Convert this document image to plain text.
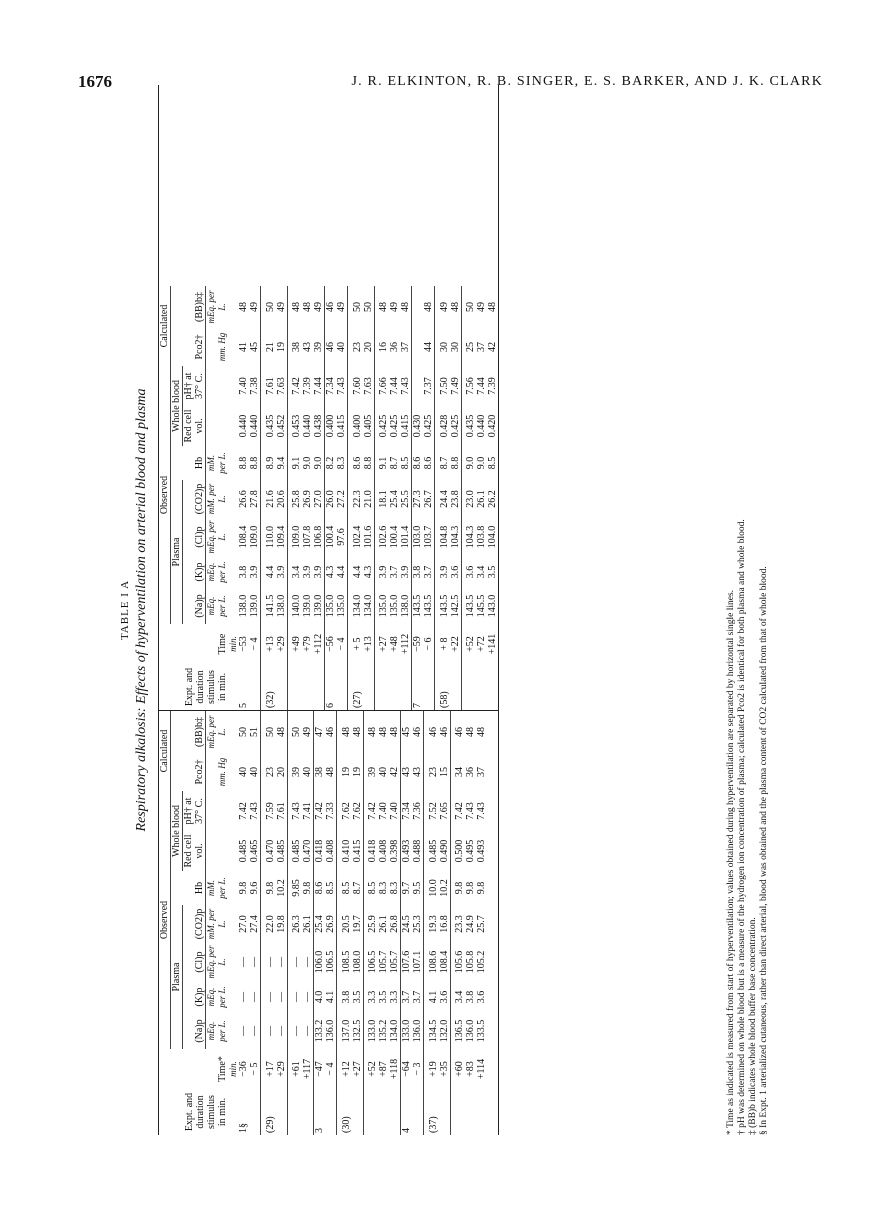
1676	J. R. ELKINTON, R. B. SINGER, E. S. BARKER, AND J. K. CLARK

TABLE I A Respiratory alkalosis: Effects of hyperventilation on arterial blood and plasma

Expt. and duration stimulus in min.	Time*	Observed							Calculated	
		Plasma					Whole blood			
		(Na)p	(K)p	(Cl)p	(CO2)p	Hb	Red cell vol.	pH† at 37° C.	Pco2†	(BB)b‡
		mEq. per L.	mEq. per L.	mEq. per L.	mM. per L.	mM. per L.			mm. Hg	mEq. per L.
	min.									
1§	−36	—	—	—	27.0	9.8	0.485	7.42	40	50
	− 5	—	—	—	27.4	9.6	0.465	7.43	40	51

(29)	+17	—	—	—	22.0	9.8	0.470	7.59	23	50
	+29	—	—	—	19.8	10.2	0.485	7.61	20	48

	+61	—	—	—	26.3	9.85	0.485	7.43	39	50
	+117	—	—	—	26.1	9.8	0.470	7.41	40	49
3	−47	133.2	4.0	106.0	25.4	8.6	0.418	7.42	38	47
	− 4	136.0	4.1	106.5	26.9	8.5	0.408	7.33	48	46

(30)	+12	137.0	3.8	108.5	20.5	8.5	0.410	7.62	19	48
	+27	132.5	3.5	108.0	19.7	8.7	0.415	7.62	19	48

	+52	133.0	3.3	106.5	25.9	8.5	0.418	7.42	39	48
	+87	135.2	3.5	105.7	26.1	8.3	0.408	7.40	40	48
	+118	134.0	3.3	105.7	26.8	8.3	0.398	7.40	42	48
4	−64	133.0	3.7	107.6	24.5	9.7	0.493	7.34	43	45
	− 3	136.0	3.7	107.1	25.3	9.5	0.488	7.36	43	46

(37)	+19	134.5	4.1	108.6	19.3	10.0	0.485	7.52	23	46
	+35	132.0	3.6	108.4	16.8	10.2	0.490	7.65	15	46

	+60	136.5	3.4	105.6	23.3	9.8	0.500	7.42	34	46
	+83	136.0	3.8	105.8	24.9	9.8	0.495	7.43	36	48
	+114	133.5	3.6	105.2	25.7	9.8	0.493	7.43	37	48
Expt. and duration stimulus in min.	Time	Observed							Calculated	
		Plasma					Whole blood			
		(Na)p	(K)p	(Cl)p	(CO2)p	Hb	Red cell vol.	pH† at 37° C.	Pco2†	(BB)b‡
		mEq. per L.	mEq. per L.	mEq. per L.	mM. per L.	mM. per L.			mm. Hg	mEq. per L.
	min.									
5	−53	138.0	3.8	108.4	26.6	8.8	0.440	7.40	41	48
	− 4	139.0	3.9	109.0	27.8	8.8	0.440	7.38	45	49

(32)	+13	141.5	4.4	110.0	21.6	8.9	0.435	7.61	21	50
	+29	138.0	3.9	109.4	20.6	9.4	0.452	7.63	19	49

	+49	140.0	3.4	109.0	25.8	9.1	0.453	7.42	38	48
	+79	139.0	3.9	107.8	26.9	9.0	0.440	7.39	43	48
	+112	139.0	3.9	106.8	27.0	9.0	0.438	7.44	39	49
6	−56	135.0	4.3	100.4	26.0	8.2	0.400	7.34	46	46
	− 4	135.0	4.4	97.6	27.2	8.3	0.415	7.43	40	49

(27)	+ 5	134.0	4.4	102.4	22.3	8.6	0.400	7.60	23	50
	+13	134.0	4.3	101.6	21.0	8.8	0.405	7.63	20	50

	+27	135.0	3.9	102.6	18.1	9.1	0.425	7.66	16	48
	+48	135.0	3.7	100.4	25.4	8.7	0.425	7.44	36	49
	+112	138.0	3.9	101.4	25.5	8.5	0.415	7.43	37	48
7	−59	143.5	3.8	103.0	27.3	8.6	0.430			
	− 6	143.5	3.7	103.7	26.7	8.6	0.425	7.37	44	48

(58)	+ 8	143.5	3.9	104.8	24.4	8.7	0.428	7.50	30	49
	+22	142.5	3.6	104.3	23.8	8.8	0.425	7.49	30	48

	+52	143.5	3.6	104.3	23.0	9.0	0.435	7.56	25	50
	+72	145.5	3.4	103.8	26.1	9.0	0.440	7.44	37	49
	+141	143.0	3.5	104.0	26.2	8.5	0.420	7.39	42	48
* Time as indicated is measured from start of hyperventilation; values obtained during hyperventilation are separated by horizontal single lines. † pH was determined on whole blood but is a measure of the hydrogen ion concentration of plasma; calculated Pco2 is identical for both plasma and whole blood. ‡ (BB)b indicates whole blood buffer base concentration. § In Expt. 1 arterialized cutaneous, rather than direct arterial, blood was obtained and the plasma content of CO2 calculated from that of whole blood.
